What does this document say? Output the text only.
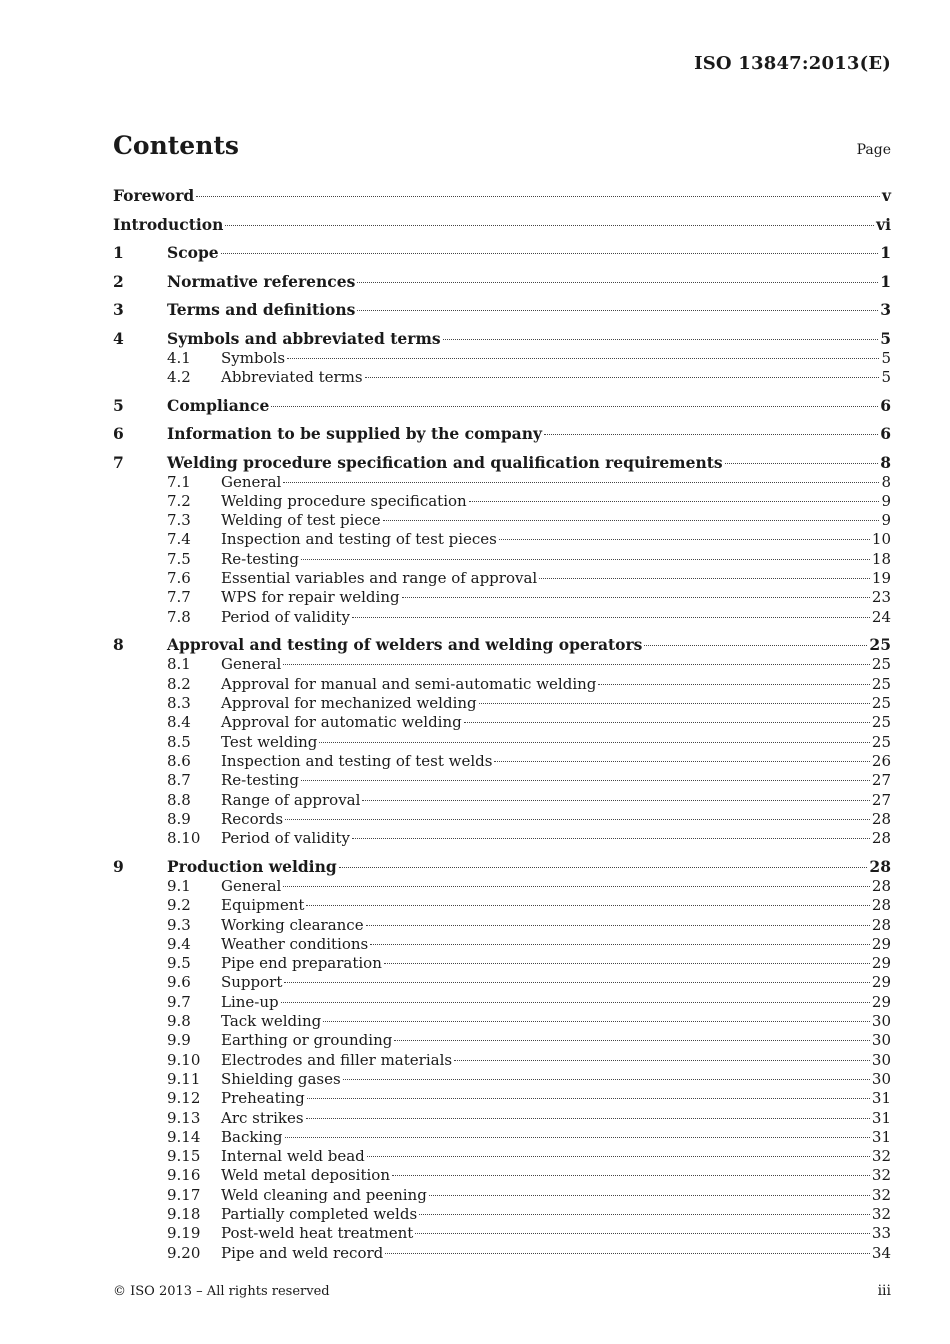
ISO 13847:2013(E)
Contents	Page
Foreword	v
Introduction	vi
1	Scope	1
2	Normative references	1
3	Terms and definitions	3
4	Symbols and abbreviated terms	5
4.1	Symbols	5
4.2	Abbreviated terms	5
5	Compliance	6
6	Information to be supplied by the company	6
7	Welding procedure specification and qualification requirements	8
7.1	General	8
7.2	Welding procedure specification	9
7.3	Welding of test piece	9
7.4	Inspection and testing of test pieces	10
7.5	Re-testing	18
7.6	Essential variables and range of approval	19
7.7	WPS for repair welding	23
7.8	Period of validity	24
8	Approval and testing of welders and welding operators	25
8.1	General	25
8.2	Approval for manual and semi-automatic welding	25
8.3	Approval for mechanized welding	25
8.4	Approval for automatic welding	25
8.5	Test welding	25
8.6	Inspection and testing of test welds	26
8.7	Re-testing	27
8.8	Range of approval	27
8.9	Records	28
8.10	Period of validity	28
9	Production welding	28
9.1	General	28
9.2	Equipment	28
9.3	Working clearance	28
9.4	Weather conditions	29
9.5	Pipe end preparation	29
9.6	Support	29
9.7	Line-up	29
9.8	Tack welding	30
9.9	Earthing or grounding	30
9.10	Electrodes and filler materials	30
9.11	Shielding gases	30
9.12	Preheating	31
9.13	Arc strikes	31
9.14	Backing	31
9.15	Internal weld bead	32
9.16	Weld metal deposition	32
9.17	Weld cleaning and peening	32
9.18	Partially completed welds	32
9.19	Post-weld heat treatment	33
9.20	Pipe and weld record	34
© ISO 2013 – All rights reserved	iii
